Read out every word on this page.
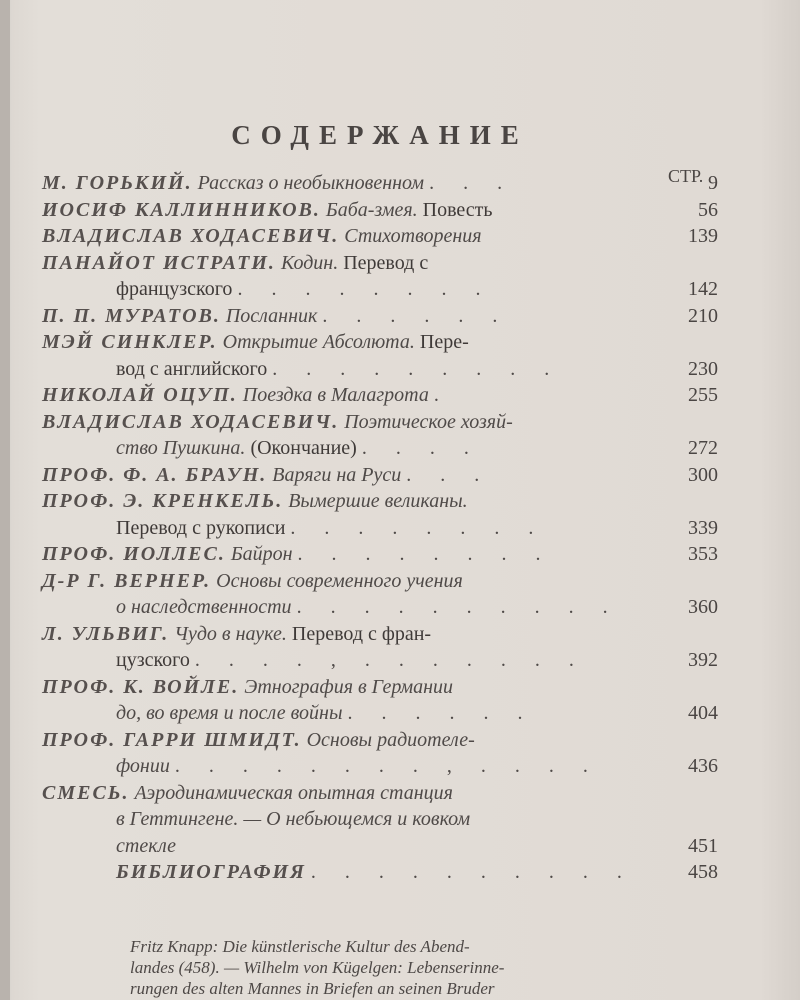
СОДЕРЖАНИЕ
СТР.
М. ГОРЬКИЙ. Рассказ о необыкновенном . . .	9
ИОСИФ КАЛЛИННИКОВ. Баба-змея. Повесть	56
ВЛАДИСЛАВ ХОДАСЕВИЧ. Стихотворения	139
ПАНАЙОТ ИСТРАТИ. Кодин. Перевод с
французского . . . . . . . .	142
П. П. МУРАТОВ. Посланник . . . . . .	210
МЭЙ СИНКЛЕР. Открытие Абсолюта. Пере-
вод с английского . . . . . . . . .	230
НИКОЛАЙ ОЦУП. Поездка в Малагрота .	255
ВЛАДИСЛАВ ХОДАСЕВИЧ. Поэтическое хозяй-
ство Пушкина. (Окончание) . . . .	272
ПРОФ. Ф. А. БРАУН. Варяги на Руси . . .	300
ПРОФ. Э. КРЕНКЕЛЬ. Вымершие великаны.
Перевод с рукописи . . . . . . . .	339
ПРОФ. ИОЛЛЕС. Байрон . . . . . . . .	353
Д-Р Г. ВЕРНЕР. Основы современного учения
о наследственности . . . . . . . . . .	360
Л. УЛЬВИГ. Чудо в науке. Перевод с фран-
цузского . . . . , . . . . . . .	392
ПРОФ. К. ВОЙЛЕ. Этнография в Германии
до, во время и после войны . . . . . .	404
ПРОФ. ГАРРИ ШМИДТ. Основы радиотеле-
фонии . . . . . . . . , . . . .	436
СМЕСЬ. Аэродинамическая опытная станция
в Геттингене. — О небьющемся и ковком
стекле	451
БИБЛИОГРАФИЯ . . . . . . . . . .	458
Fritz Knapp: Die künstlerische Kultur des Abend-
landes (458). — Wilhelm von Kügelgen: Lebenserinne-
rungen des alten Mannes in Briefen an seinen Bruder
